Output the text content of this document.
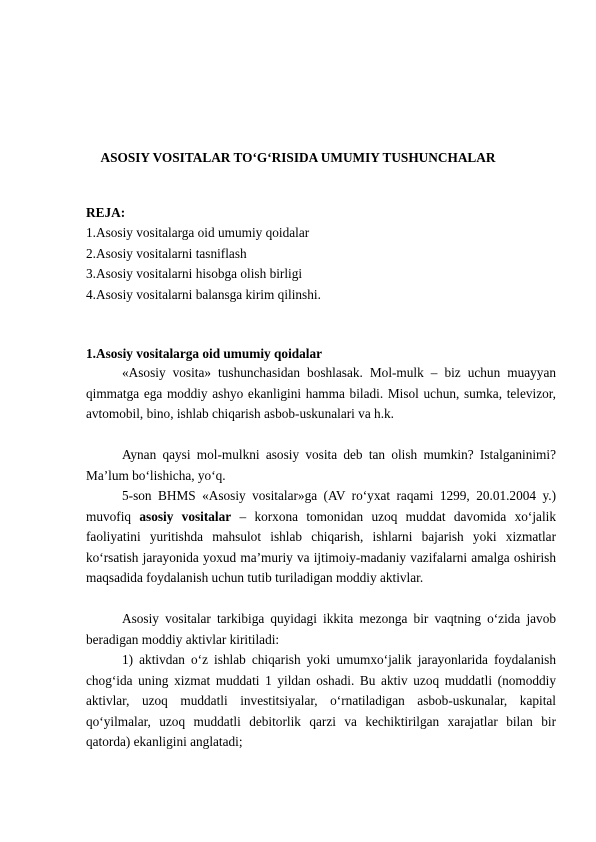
ASOSIY VOSITALAR TO‘G‘RISIDA UMUMIY TUSHUNCHALAR
REJA:
1.Asosiy vositalarga oid umumiy qoidalar
2.Asosiy vositalarni tasniflash
3.Asosiy vositalarni hisobga olish birligi
4.Asosiy vositalarni balansga kirim qilinshi.
1.Asosiy vositalarga oid umumiy qoidalar

«Asosiy vosita» tushunchasidan boshlasak. Mol-mulk – biz uchun muayyan qimmatga ega moddiy ashyo ekanligini hamma biladi. Misol uchun, sumka, televizor, avtomobil, bino, ishlab chiqarish asbob-uskunalari va h.k.

Aynan qaysi mol-mulkni asosiy vosita deb tan olish mumkin? Istalganinimi? Ma’lum bo‘lishicha, yo‘q.

5-son BHMS «Asosiy vositalar»ga (AV ro‘yxat raqami 1299, 20.01.2004 y.) muvofiq asosiy vositalar – korxona tomonidan uzoq muddat davomida xo‘jalik faoliyatini yuritishda mahsulot ishlab chiqarish, ishlarni bajarish yoki xizmatlar ko‘rsatish jarayonida yoxud ma’muriy va ijtimoiy-madaniy vazifalarni amalga oshirish maqsadida foydalanish uchun tutib turiladigan moddiy aktivlar.

Asosiy vositalar tarkibiga quyidagi ikkita mezonga bir vaqtning o‘zida javob beradigan moddiy aktivlar kiritiladi:

1) aktivdan o‘z ishlab chiqarish yoki umumxo‘jalik jarayonlarida foydalanish chog‘ida uning xizmat muddati 1 yildan oshadi. Bu aktiv uzoq muddatli (nomoddiy aktivlar, uzoq muddatli investitsiyalar, o‘rnatiladigan asbob-uskunalar, kapital qo‘yilmalar, uzoq muddatli debitorlik qarzi va kechiktirilgan xarajatlar bilan bir qatorda) ekanligini anglatadi;
